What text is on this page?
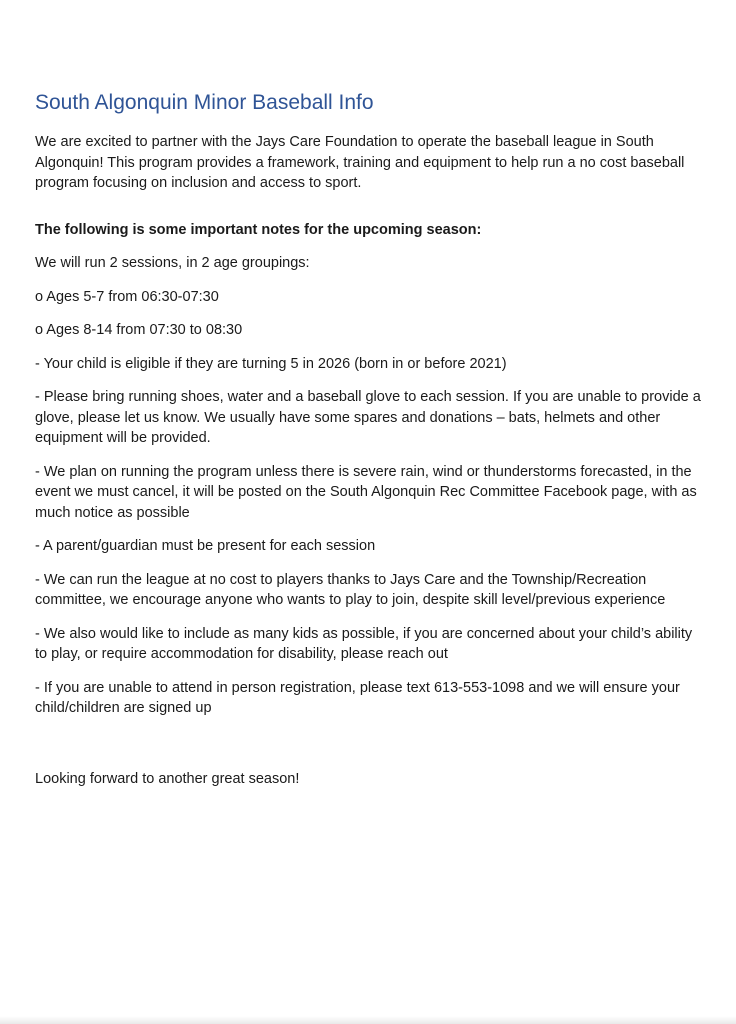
South Algonquin Minor Baseball Info

We are excited to partner with the Jays Care Foundation to operate the baseball league in South Algonquin! This program provides a framework, training and equipment to help run a no cost baseball program focusing on inclusion and access to sport.

The following is some important notes for the upcoming season:

We will run 2 sessions, in 2 age groupings:

o Ages 5-7 from 06:30-07:30

o Ages 8-14 from 07:30 to 08:30

- Your child is eligible if they are turning 5 in 2026 (born in or before 2021)

- Please bring running shoes, water and a baseball glove to each session. If you are unable to provide a glove, please let us know. We usually have some spares and donations – bats, helmets and other equipment will be provided.

- We plan on running the program unless there is severe rain, wind or thunderstorms forecasted, in the event we must cancel, it will be posted on the South Algonquin Rec Committee Facebook page, with as much notice as possible

- A parent/guardian must be present for each session

- We can run the league at no cost to players thanks to Jays Care and the Township/Recreation committee, we encourage anyone who wants to play to join, despite skill level/previous experience

- We also would like to include as many kids as possible, if you are concerned about your child’s ability to play, or require accommodation for disability, please reach out

- If you are unable to attend in person registration, please text 613-553-1098 and we will ensure your child/children are signed up

Looking forward to another great season!
